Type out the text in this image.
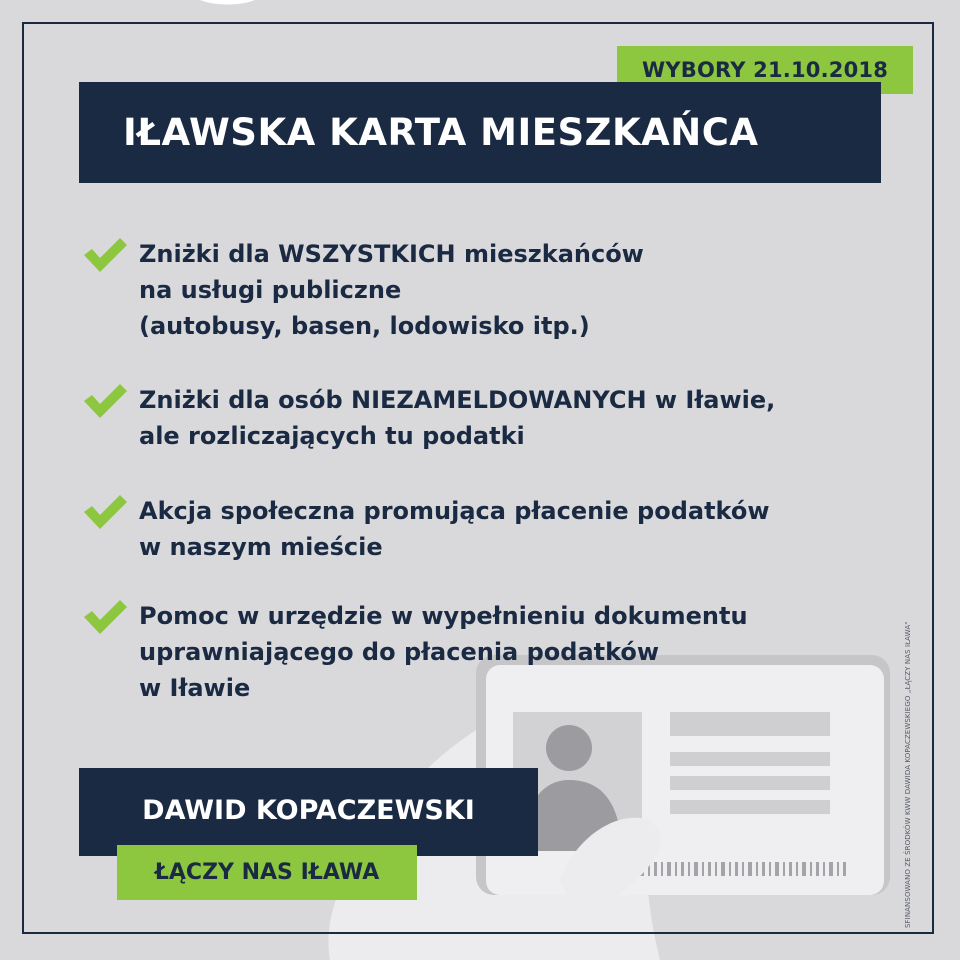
WYBORY 21.10.2018
IŁAWSKA KARTA MIESZKAŃCA
Zniżki dla WSZYSTKICH mieszkańców
na usługi publiczne
(autobusy, basen, lodowisko itp.)
Zniżki dla osób NIEZAMELDOWANYCH w Iławie,
ale rozliczających tu podatki
Akcja społeczna promująca płacenie podatków
w naszym mieście
Pomoc w urzędzie w wypełnieniu dokumentu
uprawniającego do płacenia podatków
w Iławie
DAWID KOPACZEWSKI
ŁĄCZY NAS IŁAWA	SFINANSOWANO ZE ŚRODKÓW KWW DAWIDA KOPACZEWSKIEGO „ŁĄCZY NAS IŁAWA"
